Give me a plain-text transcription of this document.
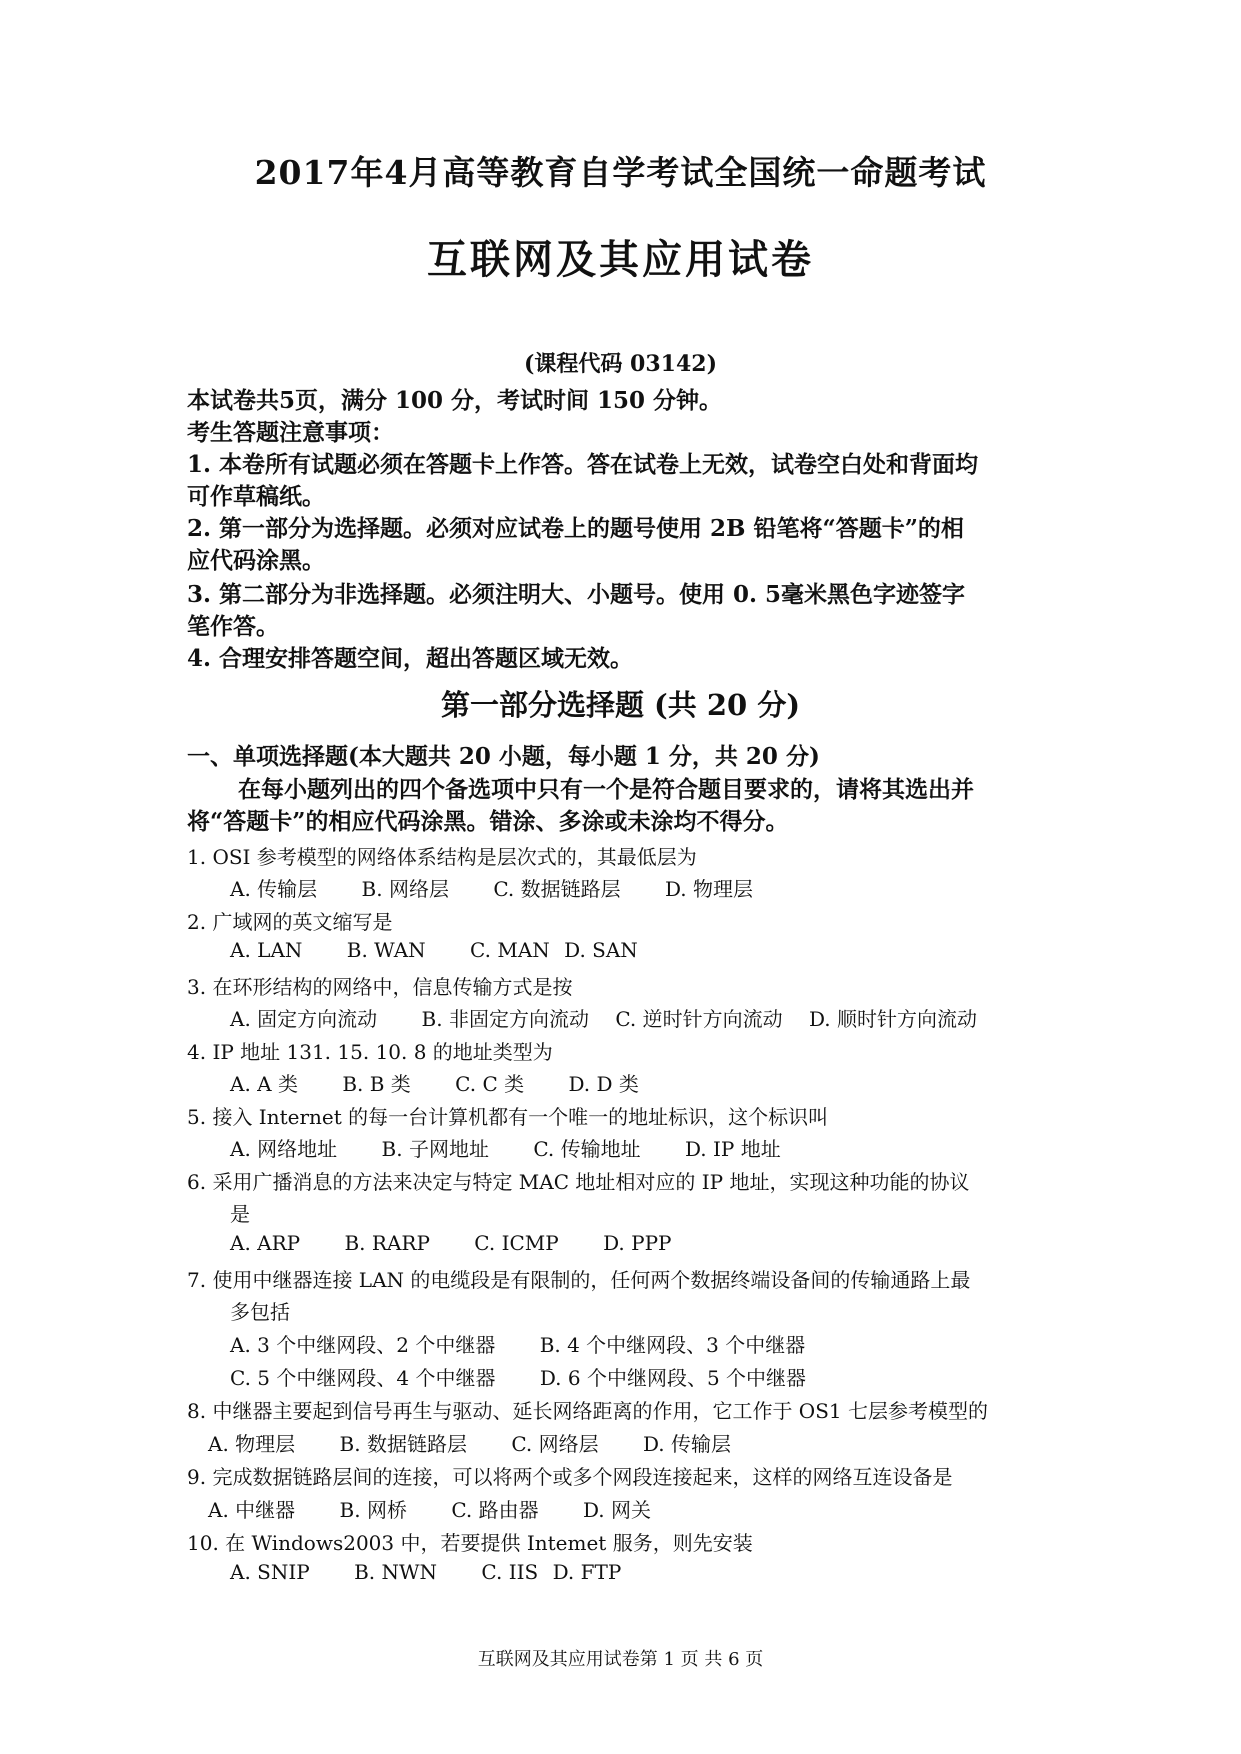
2017年4月高等教育自学考试全国统一命题考试
互联网及其应用试卷
(课程代码 03142)
本试卷共5页，满分 100 分，考试时间 150 分钟。
考生答题注意事项：
1. 本卷所有试题必须在答题卡上作答。答在试卷上无效，试卷空白处和背面均
可作草稿纸。
2. 第一部分为选择题。必须对应试卷上的题号使用 2B 铅笔将“答题卡”的相
应代码涂黑。
3. 第二部分为非选择题。必须注明大、小题号。使用 0. 5毫米黑色字迹签字
笔作答。
4. 合理安排答题空间，超出答题区域无效。
第一部分选择题 (共 20 分)
一、单项选择题(本大题共 20 小题，每小题 1 分，共 20 分)
在每小题列出的四个备选项中只有一个是符合题目要求的，请将其选出并
将“答题卡”的相应代码涂黑。错涂、多涂或未涂均不得分。
1. OSI 参考模型的网络体系结构是层次式的，其最低层为
A. 传输层 B. 网络层 C. 数据链路层 D. 物理层
2. 广域网的英文缩写是
A. LAN B. WAN C. MAN D. SAN
3. 在环形结构的网络中，信息传输方式是按
A. 固定方向流动 B. 非固定方向流动 C. 逆时针方向流动 D. 顺时针方向流动
4. IP 地址 131. 15. 10. 8 的地址类型为
A. A 类 B. B 类 C. C 类 D. D 类
5. 接入 Internet 的每一台计算机都有一个唯一的地址标识，这个标识叫
A. 网络地址 B. 子网地址 C. 传输地址 D. IP 地址
6. 采用广播消息的方法来决定与特定 MAC 地址相对应的 IP 地址，实现这种功能的协议
是
A. ARP B. RARP C. ICMP D. PPP
7. 使用中继器连接 LAN 的电缆段是有限制的，任何两个数据终端设备间的传输通路上最
多包括
A. 3 个中继网段、2 个中继器 B. 4 个中继网段、3 个中继器
C. 5 个中继网段、4 个中继器 D. 6 个中继网段、5 个中继器
8. 中继器主要起到信号再生与驱动、延长网络距离的作用，它工作于 OS1 七层参考模型的
A. 物理层 B. 数据链路层 C. 网络层 D. 传输层
9. 完成数据链路层间的连接，可以将两个或多个网段连接起来，这样的网络互连设备是
A. 中继器 B. 网桥 C. 路由器 D. 网关
10. 在 Windows2003 中，若要提供 Intemet 服务，则先安装
A. SNIP B. NWN C. IIS D. FTP
互联网及其应用试卷第 1 页 共 6 页
